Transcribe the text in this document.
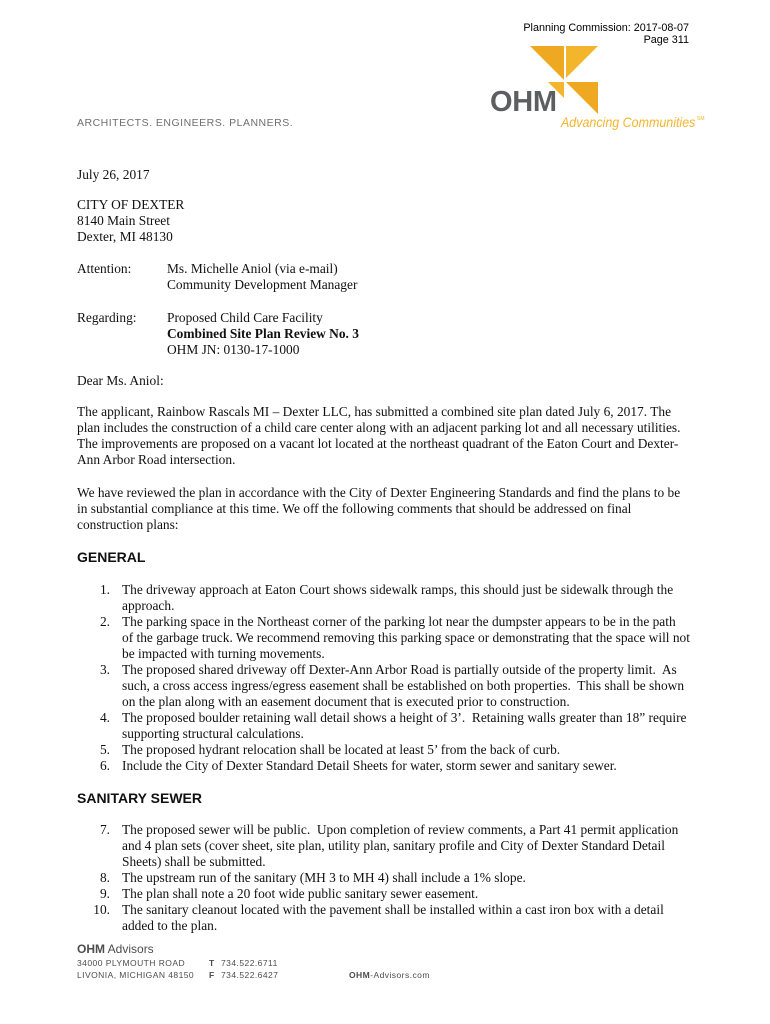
Planning Commission: 2017-08-07
Page 311
OHM
Advancing Communities SM
ARCHITECTS. ENGINEERS. PLANNERS.
July 26, 2017
CITY OF DEXTER
8140 Main Street
Dexter, MI 48130
Attention:	Ms. Michelle Aniol (via e-mail)
Community Development Manager
Regarding:	Proposed Child Care Facility
Combined Site Plan Review No. 3
OHM JN: 0130-17-1000
Dear Ms. Aniol:
The applicant, Rainbow Rascals MI – Dexter LLC, has submitted a combined site plan dated July 6, 2017. The
plan includes the construction of a child care center along with an adjacent parking lot and all necessary utilities.
The improvements are proposed on a vacant lot located at the northeast quadrant of the Eaton Court and Dexter-
Ann Arbor Road intersection.
We have reviewed the plan in accordance with the City of Dexter Engineering Standards and find the plans to be
in substantial compliance at this time. We off the following comments that should be addressed on final
construction plans:
GENERAL
1. The driveway approach at Eaton Court shows sidewalk ramps, this should just be sidewalk through the
approach.
2. The parking space in the Northeast corner of the parking lot near the dumpster appears to be in the path
of the garbage truck. We recommend removing this parking space or demonstrating that the space will not
be impacted with turning movements.
3. The proposed shared driveway off Dexter-Ann Arbor Road is partially outside of the property limit.  As
such, a cross access ingress/egress easement shall be established on both properties.  This shall be shown
on the plan along with an easement document that is executed prior to construction.
4. The proposed boulder retaining wall detail shows a height of 3’.  Retaining walls greater than 18” require
supporting structural calculations.
5. The proposed hydrant relocation shall be located at least 5’ from the back of curb.
6. Include the City of Dexter Standard Detail Sheets for water, storm sewer and sanitary sewer.
SANITARY SEWER
7. The proposed sewer will be public.  Upon completion of review comments, a Part 41 permit application
and 4 plan sets (cover sheet, site plan, utility plan, sanitary profile and City of Dexter Standard Detail
Sheets) shall be submitted.
8. The upstream run of the sanitary (MH 3 to MH 4) shall include a 1% slope.
9. The plan shall note a 20 foot wide public sanitary sewer easement.
10. The sanitary cleanout located with the pavement shall be installed within a cast iron box with a detail
added to the plan.
OHM Advisors
34000 PLYMOUTH ROAD
LIVONIA, MICHIGAN 48150
T 734.522.6711
F 734.522.6427	OHM-Advisors.com
